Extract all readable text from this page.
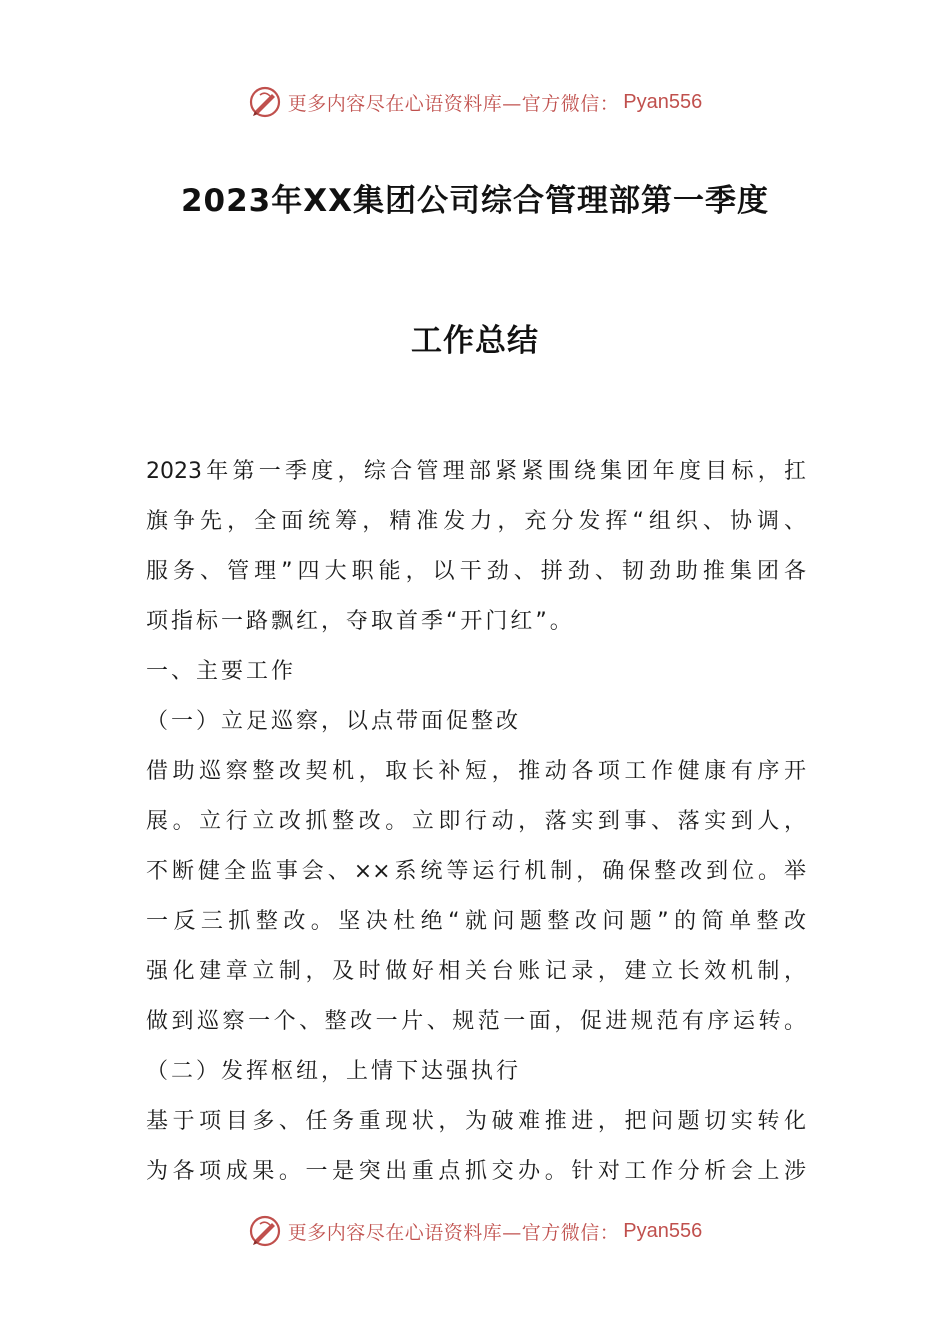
更多内容尽在心语资料库—官方微信： Pyan556
2023年XX集团公司综合管理部第一季度
工作总结
2023年第一季度，综合管理部紧紧围绕集团年度目标，扛
旗争先，全面统筹，精准发力，充分发挥“组织、协调、
服务、管理”四大职能，以干劲、拼劲、韧劲助推集团各
项指标一路飘红，夺取首季“开门红”。
一、主要工作
（一）立足巡察，以点带面促整改
借助巡察整改契机，取长补短，推动各项工作健康有序开
展。立行立改抓整改。立即行动，落实到事、落实到人，
不断健全监事会、××系统等运行机制，确保整改到位。举
一反三抓整改。坚决杜绝“就问题整改问题”的简单整改
强化建章立制，及时做好相关台账记录，建立长效机制，
做到巡察一个、整改一片、规范一面，促进规范有序运转。
（二）发挥枢纽，上情下达强执行
基于项目多、任务重现状，为破难推进，把问题切实转化
为各项成果。一是突出重点抓交办。针对工作分析会上涉
更多内容尽在心语资料库—官方微信： Pyan556
